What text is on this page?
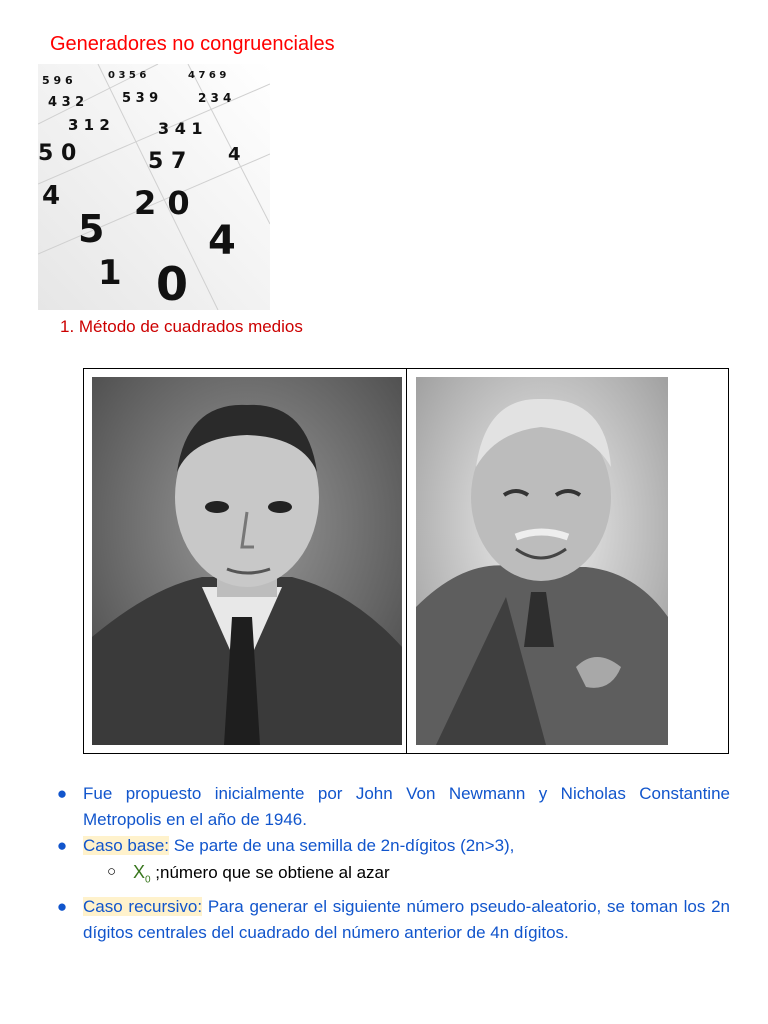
Generadores no congruenciales
5 9 6	0 3 5 6	4 7 6 9
4 3 2	5 3 9	2 3 4
3 1 2	3 4 1
5 0	5 7 4
4 2 0
5	4
1 0
1. Método de cuadrados medios
● Fue propuesto inicialmente por John Von Newmann y Nicholas Constantine Metropolis en el año de 1946.
● Caso base: Se parte de una semilla de 2n-dígitos (2n>3),
○ $X_0$ ;número que se obtiene al azar
● Caso recursivo: Para generar el siguiente número pseudo-aleatorio, se toman los 2n dígitos centrales del cuadrado del número anterior de 4n dígitos.
